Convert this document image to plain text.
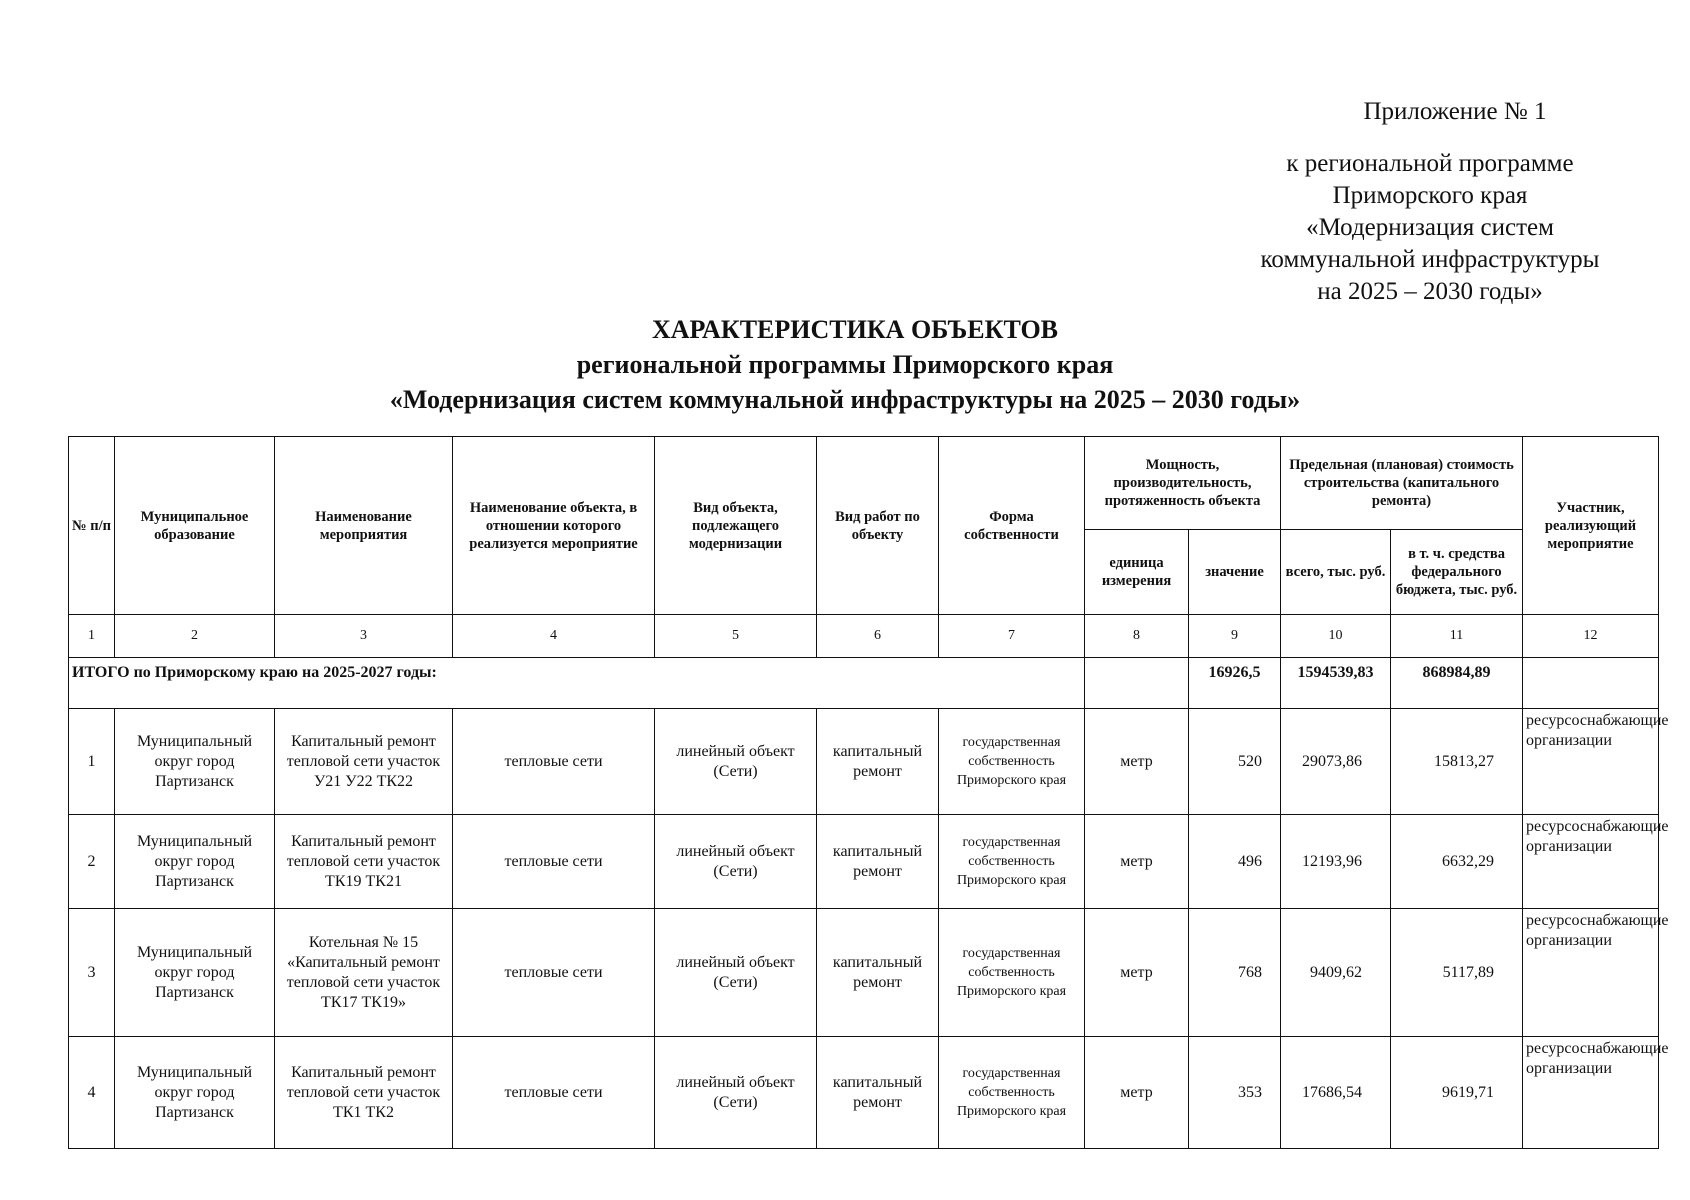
Приложение № 1
к региональной программе
Приморского края
«Модернизация систем
коммунальной инфраструктуры
на 2025 – 2030 годы»
ХАРАКТЕРИСТИКА ОБЪЕКТОВ
региональной программы Приморского края
«Модернизация систем коммунальной инфраструктуры на 2025 – 2030 годы»
№ п/п	Муниципальное образование	Наименование мероприятия	Наименование объекта, в отношении которого реализуется мероприятие	Вид объекта, подлежащего модернизации	Вид работ по объекту	Форма собственности	Мощность, производительность, протяженность объекта		Предельная (плановая) стоимость строительства (капитального ремонта)		Участник, реализующий мероприятие
							единица измерения	значение	всего, тыс. руб.	в т. ч. средства федерального бюджета, тыс. руб.	
1	2	3	4	5	6	7	8	9	10	11	12
ИТОГО по Приморскому краю на 2025-2027 годы:								16926,5	1594539,83	868984,89	
1	Муниципальный округ город Партизанск	Капитальный ремонт тепловой сети участок У21 У22 ТК22	тепловые сети	линейный объект (Сети)	капитальный ремонт	государственная собственность Приморского края	метр	520	29073,86	15813,27	ресурсоснабжающие организации
2	Муниципальный округ город Партизанск	Капитальный ремонт тепловой сети участок ТК19 ТК21	тепловые сети	линейный объект (Сети)	капитальный ремонт	государственная собственность Приморского края	метр	496	12193,96	6632,29	ресурсоснабжающие организации
3	Муниципальный округ город Партизанск	Котельная № 15 «Капитальный ремонт тепловой сети участок ТК17 ТК19»	тепловые сети	линейный объект (Сети)	капитальный ремонт	государственная собственность Приморского края	метр	768	9409,62	5117,89	ресурсоснабжающие организации
4	Муниципальный округ город Партизанск	Капитальный ремонт тепловой сети участок ТК1 ТК2	тепловые сети	линейный объект (Сети)	капитальный ремонт	государственная собственность Приморского края	метр	353	17686,54	9619,71	ресурсоснабжающие организации
